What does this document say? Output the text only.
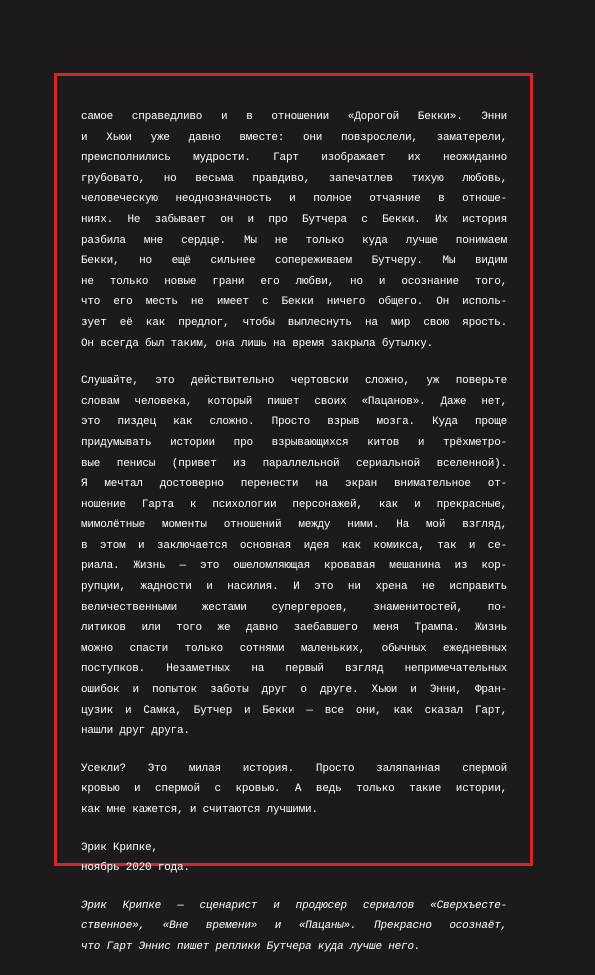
самое справедливо и в отношении «Дорогой Бекки». Энни
и Хьюи уже давно вместе: они повзрослели, заматерели,
преисполнились мудрости. Гарт изображает их неожиданно
грубовато, но весьма правдиво, запечатлев тихую любовь,
человеческую неоднозначность и полное отчаяние в отноше-
ниях. Не забывает он и про Бутчера с Бекки. Их история
разбила мне сердце. Мы не только куда лучше понимаем
Бекки, но ещё сильнее сопереживаем Бутчеру. Мы видим
не только новые грани его любви, но и осознание того,
что его месть не имеет с Бекки ничего общего. Он исполь-
зует её как предлог, чтобы выплеснуть на мир свою ярость.
Он всегда был таким, она лишь на время закрыла бутылку.
Слушайте, это действительно чертовски сложно, уж поверьте
словам человека, который пишет своих «Пацанов». Даже нет,
это пиздец как сложно. Просто взрыв мозга. Куда проще
придумывать истории про взрывающихся китов и трёхметро-
вые пенисы (привет из параллельной сериальной вселенной).
Я мечтал достоверно перенести на экран внимательное от-
ношение Гарта к психологии персонажей, как и прекрасные,
мимолётные моменты отношений между ними. На мой взгляд,
в этом и заключается основная идея как комикса, так и се-
риала. Жизнь — это ошеломляющая кровавая мешанина из кор-
рупции, жадности и насилия. И это ни хрена не исправить
величественными жестами супергероев, знаменитостей, по-
литиков или того же давно заебавшего меня Трампа. Жизнь
можно спасти только сотнями маленьких, обычных ежедневных
поступков. Незаметных на первый взгляд непримечательных
ошибок и попыток заботы друг о друге. Хьюи и Энни, Фран-
цузик и Самка, Бутчер и Бекки — все они, как сказал Гарт,
нашли друг друга.
Усекли? Это милая история. Просто заляпанная спермой
кровью и спермой с кровью. А ведь только такие истории,
как мне кажется, и считаются лучшими.
Эрик Крипке,
ноябрь 2020 года.
Эрик Крипке — сценарист и продюсер сериалов «Сверхъесте-
ственное», «Вне времени» и «Пацаны». Прекрасно осознаёт,
что Гарт Эннис пишет реплики Бутчера куда лучше него.
